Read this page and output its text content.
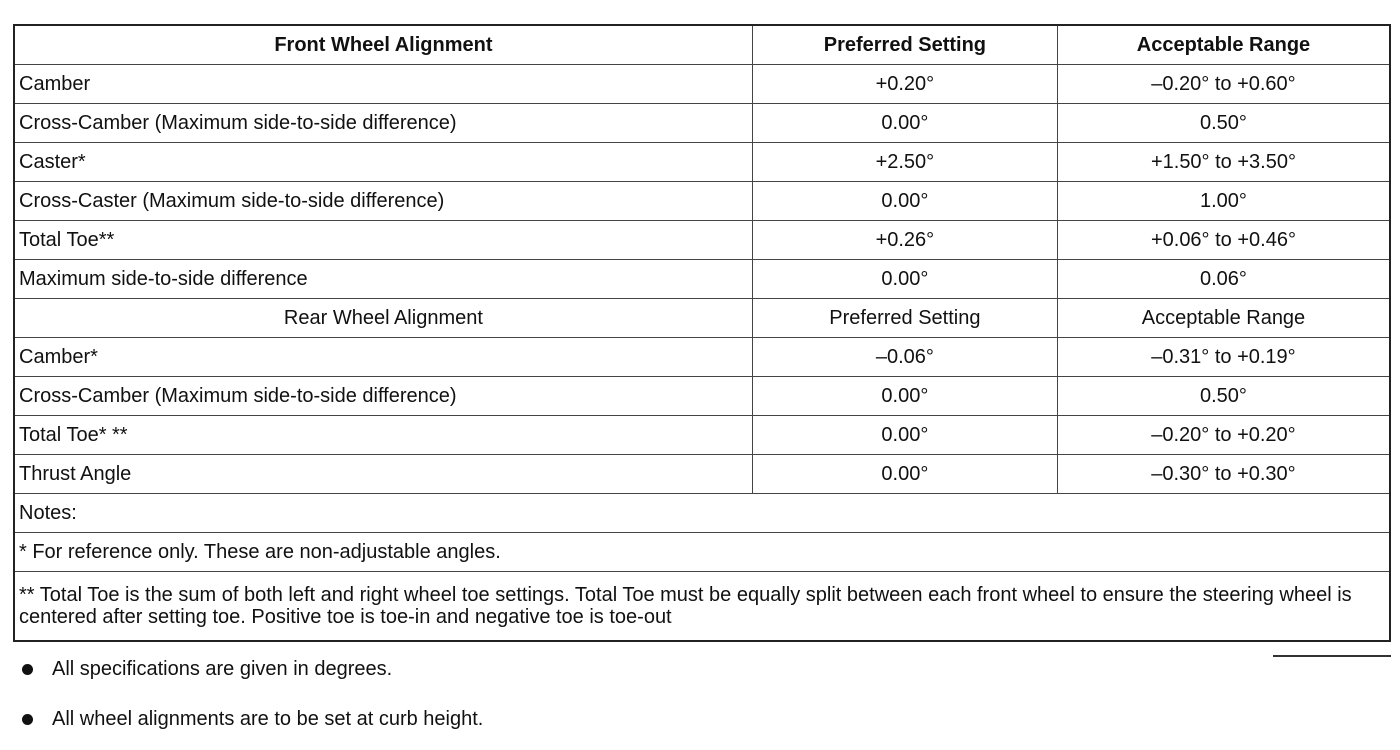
Front Wheel Alignment	Preferred Setting	Acceptable Range
Camber	+0.20°	–0.20° to +0.60°
Cross-Camber (Maximum side-to-side difference)	0.00°	0.50°
Caster*	+2.50°	+1.50° to +3.50°
Cross-Caster (Maximum side-to-side difference)	0.00°	1.00°
Total Toe**	+0.26°	+0.06° to +0.46°
Maximum side-to-side difference	0.00°	0.06°
Rear Wheel Alignment	Preferred Setting	Acceptable Range
Camber*	–0.06°	–0.31° to +0.19°
Cross-Camber (Maximum side-to-side difference)	0.00°	0.50°
Total Toe* **	0.00°	–0.20° to +0.20°
Thrust Angle	0.00°	–0.30° to +0.30°
Notes:		
* For reference only. These are non-adjustable angles.		
** Total Toe is the sum of both left and right wheel toe settings. Total Toe must be equally split between each front wheel to ensure the steering wheel is centered after setting toe. Positive toe is toe-in and negative toe is toe-out		
All specifications are given in degrees.
All wheel alignments are to be set at curb height.
